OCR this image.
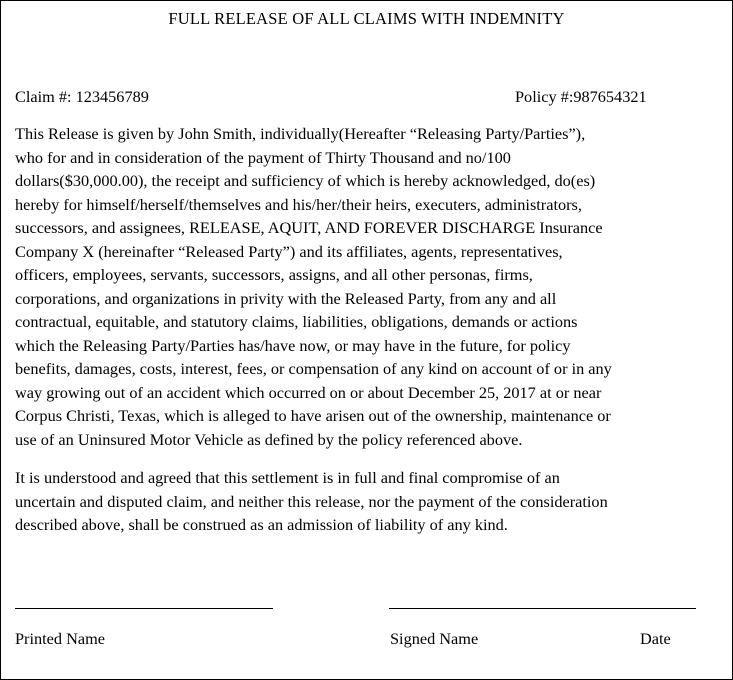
FULL RELEASE OF ALL CLAIMS WITH INDEMNITY
Claim #: 123456789	Policy #:987654321
This Release is given by John Smith, individually(Hereafter “Releasing Party/Parties”),
who for and in consideration of the payment of Thirty Thousand and no/100
dollars($30,000.00), the receipt and sufficiency of which is hereby acknowledged, do(es)
hereby for himself/herself/themselves and his/her/their heirs, executers, administrators,
successors, and assignees, RELEASE, AQUIT, AND FOREVER DISCHARGE Insurance
Company X (hereinafter “Released Party”) and its affiliates, agents, representatives,
officers, employees, servants, successors, assigns, and all other personas, firms,
corporations, and organizations in privity with the Released Party, from any and all
contractual, equitable, and statutory claims, liabilities, obligations, demands or actions
which the Releasing Party/Parties has/have now, or may have in the future, for policy
benefits, damages, costs, interest, fees, or compensation of any kind on account of or in any
way growing out of an accident which occurred on or about December 25, 2017 at or near
Corpus Christi, Texas, which is alleged to have arisen out of the ownership, maintenance or
use of an Uninsured Motor Vehicle as defined by the policy referenced above.
It is understood and agreed that this settlement is in full and final compromise of an
uncertain and disputed claim, and neither this release, nor the payment of the consideration
described above, shall be construed as an admission of liability of any kind.
Printed Name	Signed Name	Date
